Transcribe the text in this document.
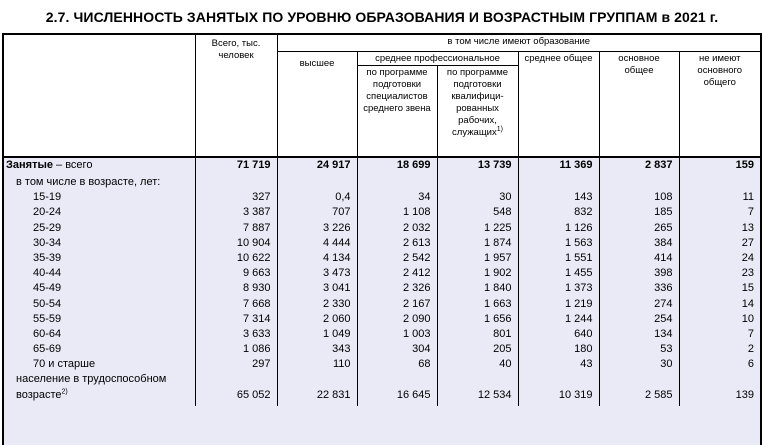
2.7. ЧИСЛЕННОСТЬ ЗАНЯТЫХ ПО УРОВНЮ ОБРАЗОВАНИЯ И ВОЗРАСТНЫМ ГРУППАМ в 2021 г.
	Всего, тыс. человек	в том числе имеют образование					
		высшее	среднее профессиональное		среднее общее	основное общее	не имеют основного общего
			по программе подготовки специалистов среднего звена	по программе подготовки квалифици-рованных рабочих, служащих$^{1)}$
Занятые – всего	71 719	24 917	18 699	13 739	11 369	2 837	159
в том числе в возрасте, лет:							
15-19	327	0,4	34	30	143	108	11
20-24	3 387	707	1 108	548	832	185	7
25-29	7 887	3 226	2 032	1 225	1 126	265	13
30-34	10 904	4 444	2 613	1 874	1 563	384	27
35-39	10 622	4 134	2 542	1 957	1 551	414	24
40-44	9 663	3 473	2 412	1 902	1 455	398	23
45-49	8 930	3 041	2 326	1 840	1 373	336	15
50-54	7 668	2 330	2 167	1 663	1 219	274	14
55-59	7 314	2 060	2 090	1 656	1 244	254	10
60-64	3 633	1 049	1 003	801	640	134	7
65-69	1 086	343	304	205	180	53	2
70 и старше	297	110	68	40	43	30	6
население в трудоспособном							
возрасте$^{2)}$	65 052	22 831	16 645	12 534	10 319	2 585	139
